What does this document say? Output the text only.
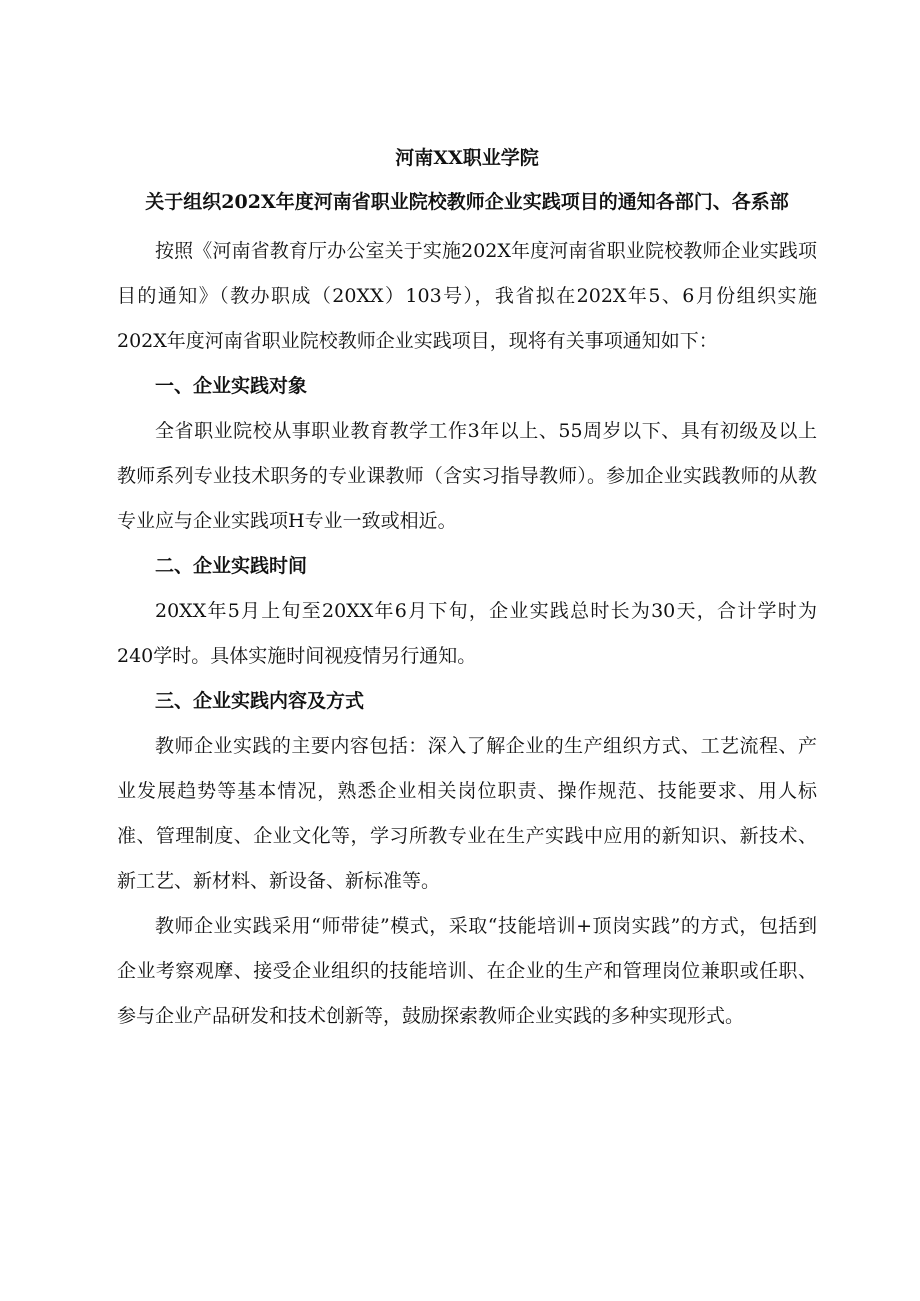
河南XX职业学院

关于组织202X年度河南省职业院校教师企业实践项目的通知各部门、各系部

按照《河南省教育厅办公室关于实施202X年度河南省职业院校教师企业实践项目的通知》（教办职成（20XX）103号），我省拟在202X年5、6月份组织实施202X年度河南省职业院校教师企业实践项目，现将有关事项通知如下：

一、企业实践对象

全省职业院校从事职业教育教学工作3年以上、55周岁以下、具有初级及以上教师系列专业技术职务的专业课教师（含实习指导教师）。参加企业实践教师的从教专业应与企业实践项H专业一致或相近。

二、企业实践时间

20XX年5月上旬至20XX年6月下旬，企业实践总时长为30天，合计学时为240学时。具体实施时间视疫情另行通知。

三、企业实践内容及方式

教师企业实践的主要内容包括：深入了解企业的生产组织方式、工艺流程、产业发展趋势等基本情况，熟悉企业相关岗位职责、操作规范、技能要求、用人标准、管理制度、企业文化等，学习所教专业在生产实践中应用的新知识、新技术、新工艺、新材料、新设备、新标准等。

教师企业实践采用“师带徒”模式，采取“技能培训+顶岗实践”的方式，包括到企业考察观摩、接受企业组织的技能培训、在企业的生产和管理岗位兼职或任职、参与企业产品研发和技术创新等，鼓励探索教师企业实践的多种实现形式。
